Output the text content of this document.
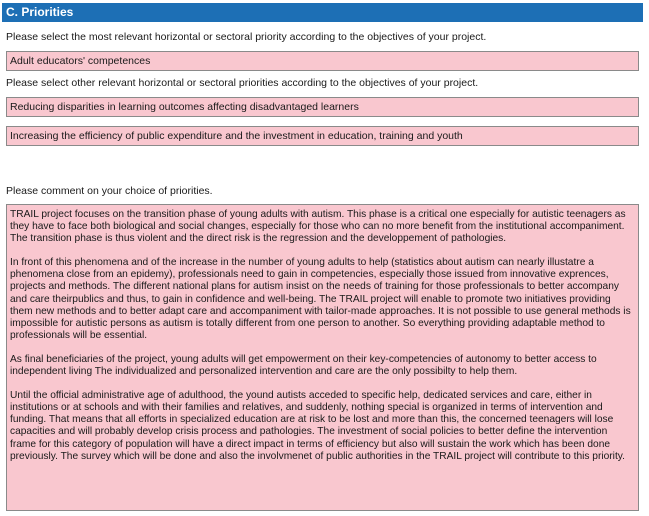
C. Priorities
Please select the most relevant horizontal or sectoral priority according to the objectives of your project.
Adult educators' competences
Please select other relevant horizontal or sectoral priorities according to the objectives of your project.
Reducing disparities in learning outcomes affecting disadvantaged learners
Increasing the efficiency of public expenditure and the investment in education, training and youth
Please comment on your choice of priorities.

TRAIL project focuses on the transition phase of young adults with autism. This phase is a critical one especially for autistic teenagers as they have to face both biological and social changes, especially for those who can no more benefit from the institutional accompaniment. The transition phase is thus violent and the direct risk is the regression and the developpement of pathologies.

In front of this phenomena and of the increase in the number of young adults to help (statistics about autism can nearly illustatre a phenomena close from an epidemy), professionals need to gain in competencies, especially those issued from innovative exprences, projects and methods. The different national plans for autism insist on the needs of training for those professionals to better accompany and care theirpublics and thus, to gain in confidence and well-being. The TRAIL project will enable to promote two initiatives providing them new methods and to better adapt care and accompaniment with tailor-made approaches. It is not possible to use general methods is impossible for autistic persons as autism is totally different from one person to another. So everything providing adaptable method to professionals will be essential.

As final beneficiaries of the project, young adults will get empowerment on their key-competencies of autonomy to better access to independent living The individualized and personalized intervention and care are the only possibilty to help them.

Until the official administrative age of adulthood, the yound autists acceded to specific help, dedicated services and care, either in institutions or at schools and with their families and relatives, and suddenly, nothing special is organized in terms of intervention and funding. That means that all efforts in specialized education are at risk to be lost and more than this, the concerned teenagers will lose capacities and will probably develop crisis process and pathologies. The investment of social policies to better define the intervention frame for this category of population will have a direct impact in terms of efficiency but also will sustain the work which has been done previously. The survey which will be done and also the involvmenet of public authorities in the TRAIL project will contribute to this priority.
